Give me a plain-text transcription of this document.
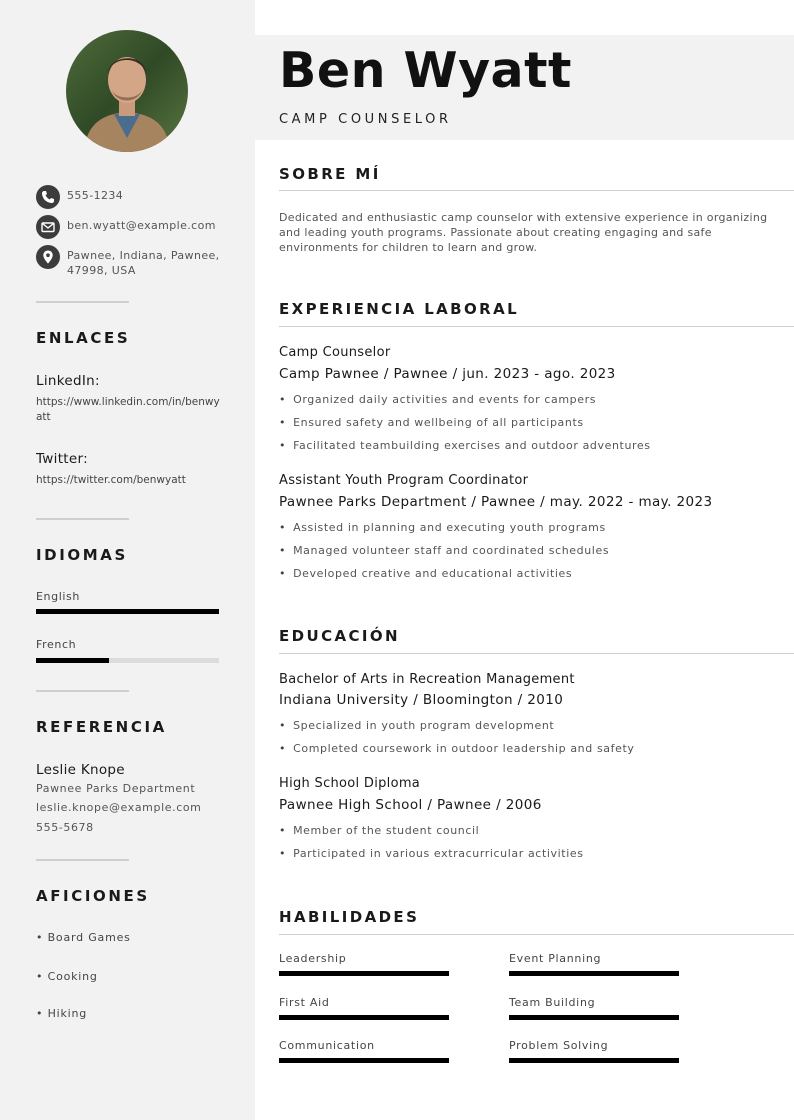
555-1234
ben.wyatt@example.com
Pawnee, Indiana, Pawnee, 47998, USA
ENLACES
LinkedIn:
https://www.linkedin.com/in/benwyatt
Twitter:
https://twitter.com/benwyatt
IDIOMAS
English
French
REFERENCIA
Leslie Knope
Pawnee Parks Department
leslie.knope@example.com
555-5678
AFICIONES
• Board Games
• Cooking
• Hiking
Ben Wyatt
CAMP COUNSELOR
SOBRE MÍ
Dedicated and enthusiastic camp counselor with extensive experience in organizing and leading youth programs. Passionate about creating engaging and safe environments for children to learn and grow.
EXPERIENCIA LABORAL
Camp Counselor
Camp Pawnee / Pawnee / jun. 2023 - ago. 2023
• Organized daily activities and events for campers
• Ensured safety and wellbeing of all participants
• Facilitated teambuilding exercises and outdoor adventures
Assistant Youth Program Coordinator
Pawnee Parks Department / Pawnee / may. 2022 - may. 2023
• Assisted in planning and executing youth programs
• Managed volunteer staff and coordinated schedules
• Developed creative and educational activities
EDUCACIÓN
Bachelor of Arts in Recreation Management
Indiana University / Bloomington / 2010
• Specialized in youth program development
• Completed coursework in outdoor leadership and safety
High School Diploma
Pawnee High School / Pawnee / 2006
• Member of the student council
• Participated in various extracurricular activities
HABILIDADES
Leadership	Event Planning
First Aid	Team Building
Communication	Problem Solving
